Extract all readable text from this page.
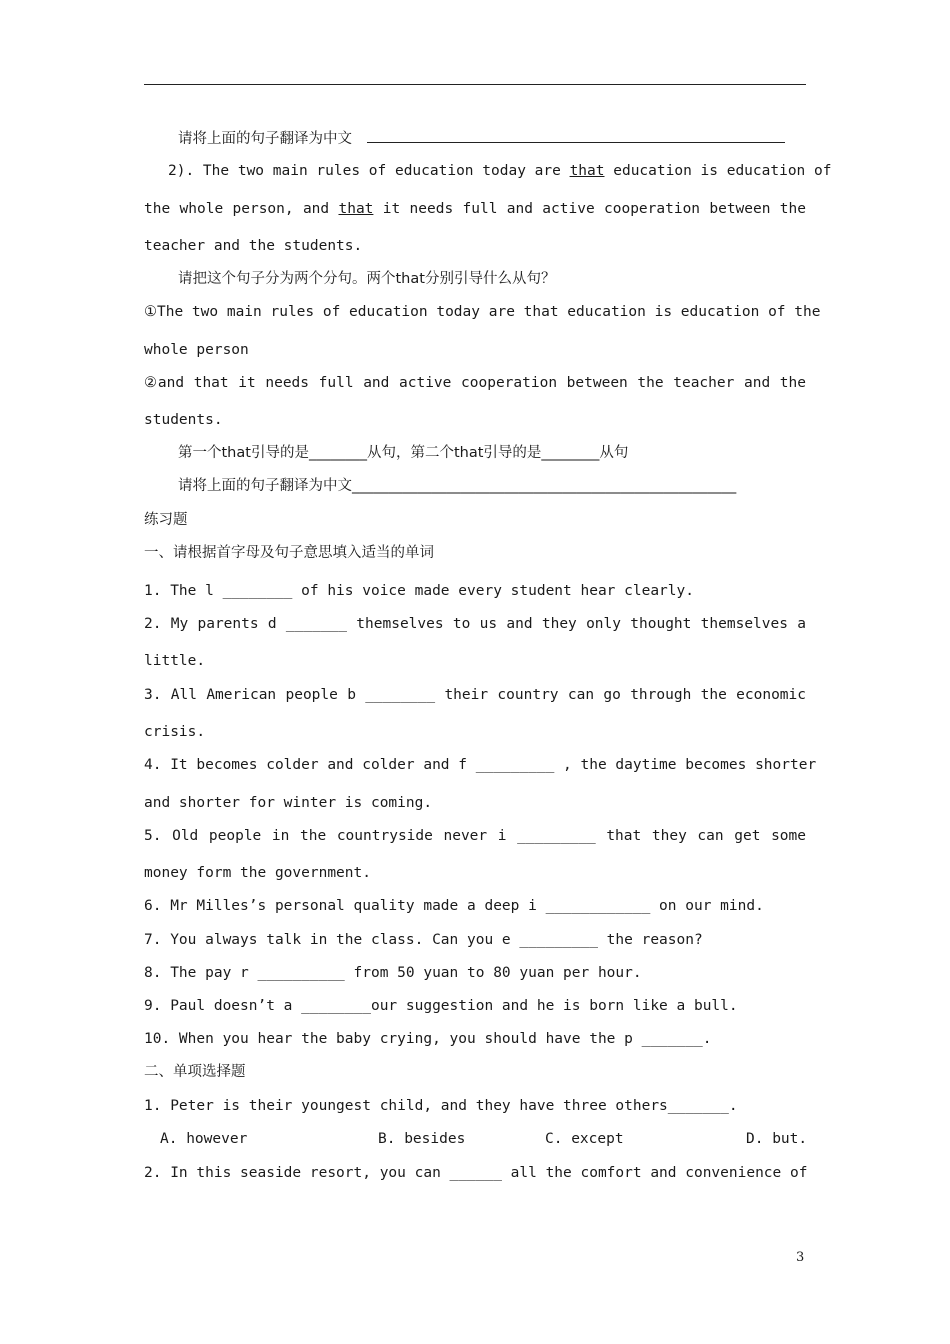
请将上面的句子翻译为中文
2). The two main rules of education today are that education is education of
the whole person, and that it needs full and active cooperation between the
teacher and the students.
请把这个句子分为两个分句。两个that分别引导什么从句？
①The two main rules of education today are that education is education of the
whole person
②and that it needs full and active cooperation between the teacher and the
students.
第一个that引导的是________从句，第二个that引导的是________从句
请将上面的句子翻译为中文_____________________________________________________
练习题
一、请根据首字母及句子意思填入适当的单词
1. The l ________ of his voice made every student hear clearly.
2. My parents d _______ themselves to us and they only thought themselves a
little.
3. All American people b ________ their country can go through the economic
crisis.
4. It becomes colder and colder and f _________ , the daytime becomes shorter
and shorter for winter is coming.
5. Old people in the countryside never i _________ that they can get some
money form the government.
6. Mr Milles’s personal quality made a deep i ____________ on our mind.
7. You always talk in the class. Can you e _________ the reason?
8. The pay r __________ from 50 yuan to 80 yuan per hour.
9. Paul doesn’t a ________our suggestion and he is born like a bull.
10. When you hear the baby crying, you should have the p _______.
二、单项选择题
1. Peter is their youngest child, and they have three others_______.
A. however	B. besides	C. except	D. but.
2. In this seaside resort, you can ______ all the comfort and convenience of
3
